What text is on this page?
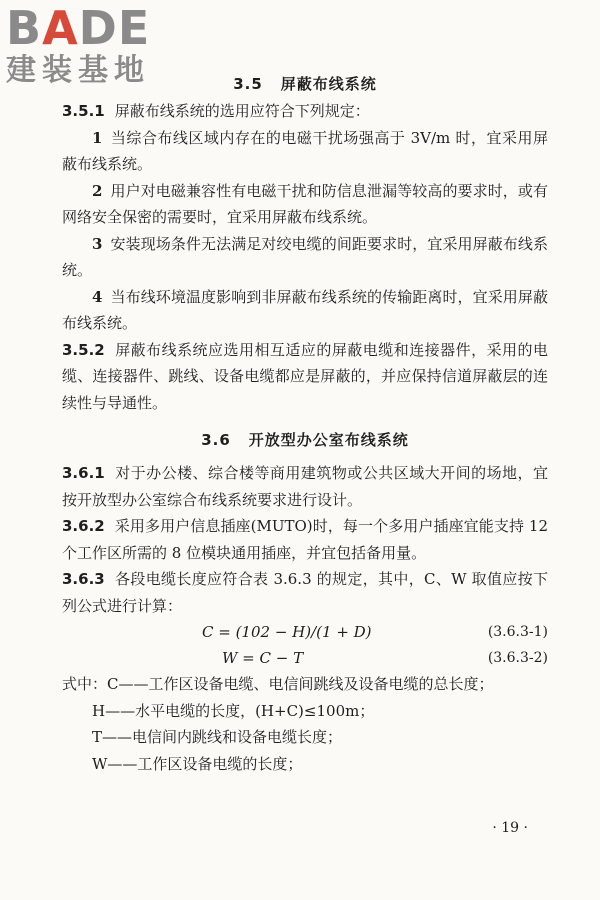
BADE
建装基地	3.5 屏蔽布线系统

3.5.1 屏蔽布线系统的选用应符合下列规定：

1 当综合布线区域内存在的电磁干扰场强高于 3V/m 时，宜采用屏蔽布线系统。

2 用户对电磁兼容性有电磁干扰和防信息泄漏等较高的要求时，或有网络安全保密的需要时，宜采用屏蔽布线系统。

3 安装现场条件无法满足对绞电缆的间距要求时，宜采用屏蔽布线系统。

4 当布线环境温度影响到非屏蔽布线系统的传输距离时，宜采用屏蔽布线系统。

3.5.2 屏蔽布线系统应选用相互适应的屏蔽电缆和连接器件，采用的电缆、连接器件、跳线、设备电缆都应是屏蔽的，并应保持信道屏蔽层的连续性与导通性。

3.6 开放型办公室布线系统

3.6.1 对于办公楼、综合楼等商用建筑物或公共区域大开间的场地，宜按开放型办公室综合布线系统要求进行设计。

3.6.2 采用多用户信息插座(MUTO)时，每一个多用户插座宜能支持 12 个工作区所需的 8 位模块通用插座，并宜包括备用量。

3.6.3 各段电缆长度应符合表 3.6.3 的规定，其中，C、W 取值应按下列公式进行计算：

C = (102 − H)/(1 + D)	(3.6.3-1)
W = C − T	(3.6.3-2)
式中：C——工作区设备电缆、电信间跳线及设备电缆的总长度；
H——水平电缆的长度，(H+C)≤100m；
T——电信间内跳线和设备电缆长度；
W——工作区设备电缆的长度；
· 19 ·
